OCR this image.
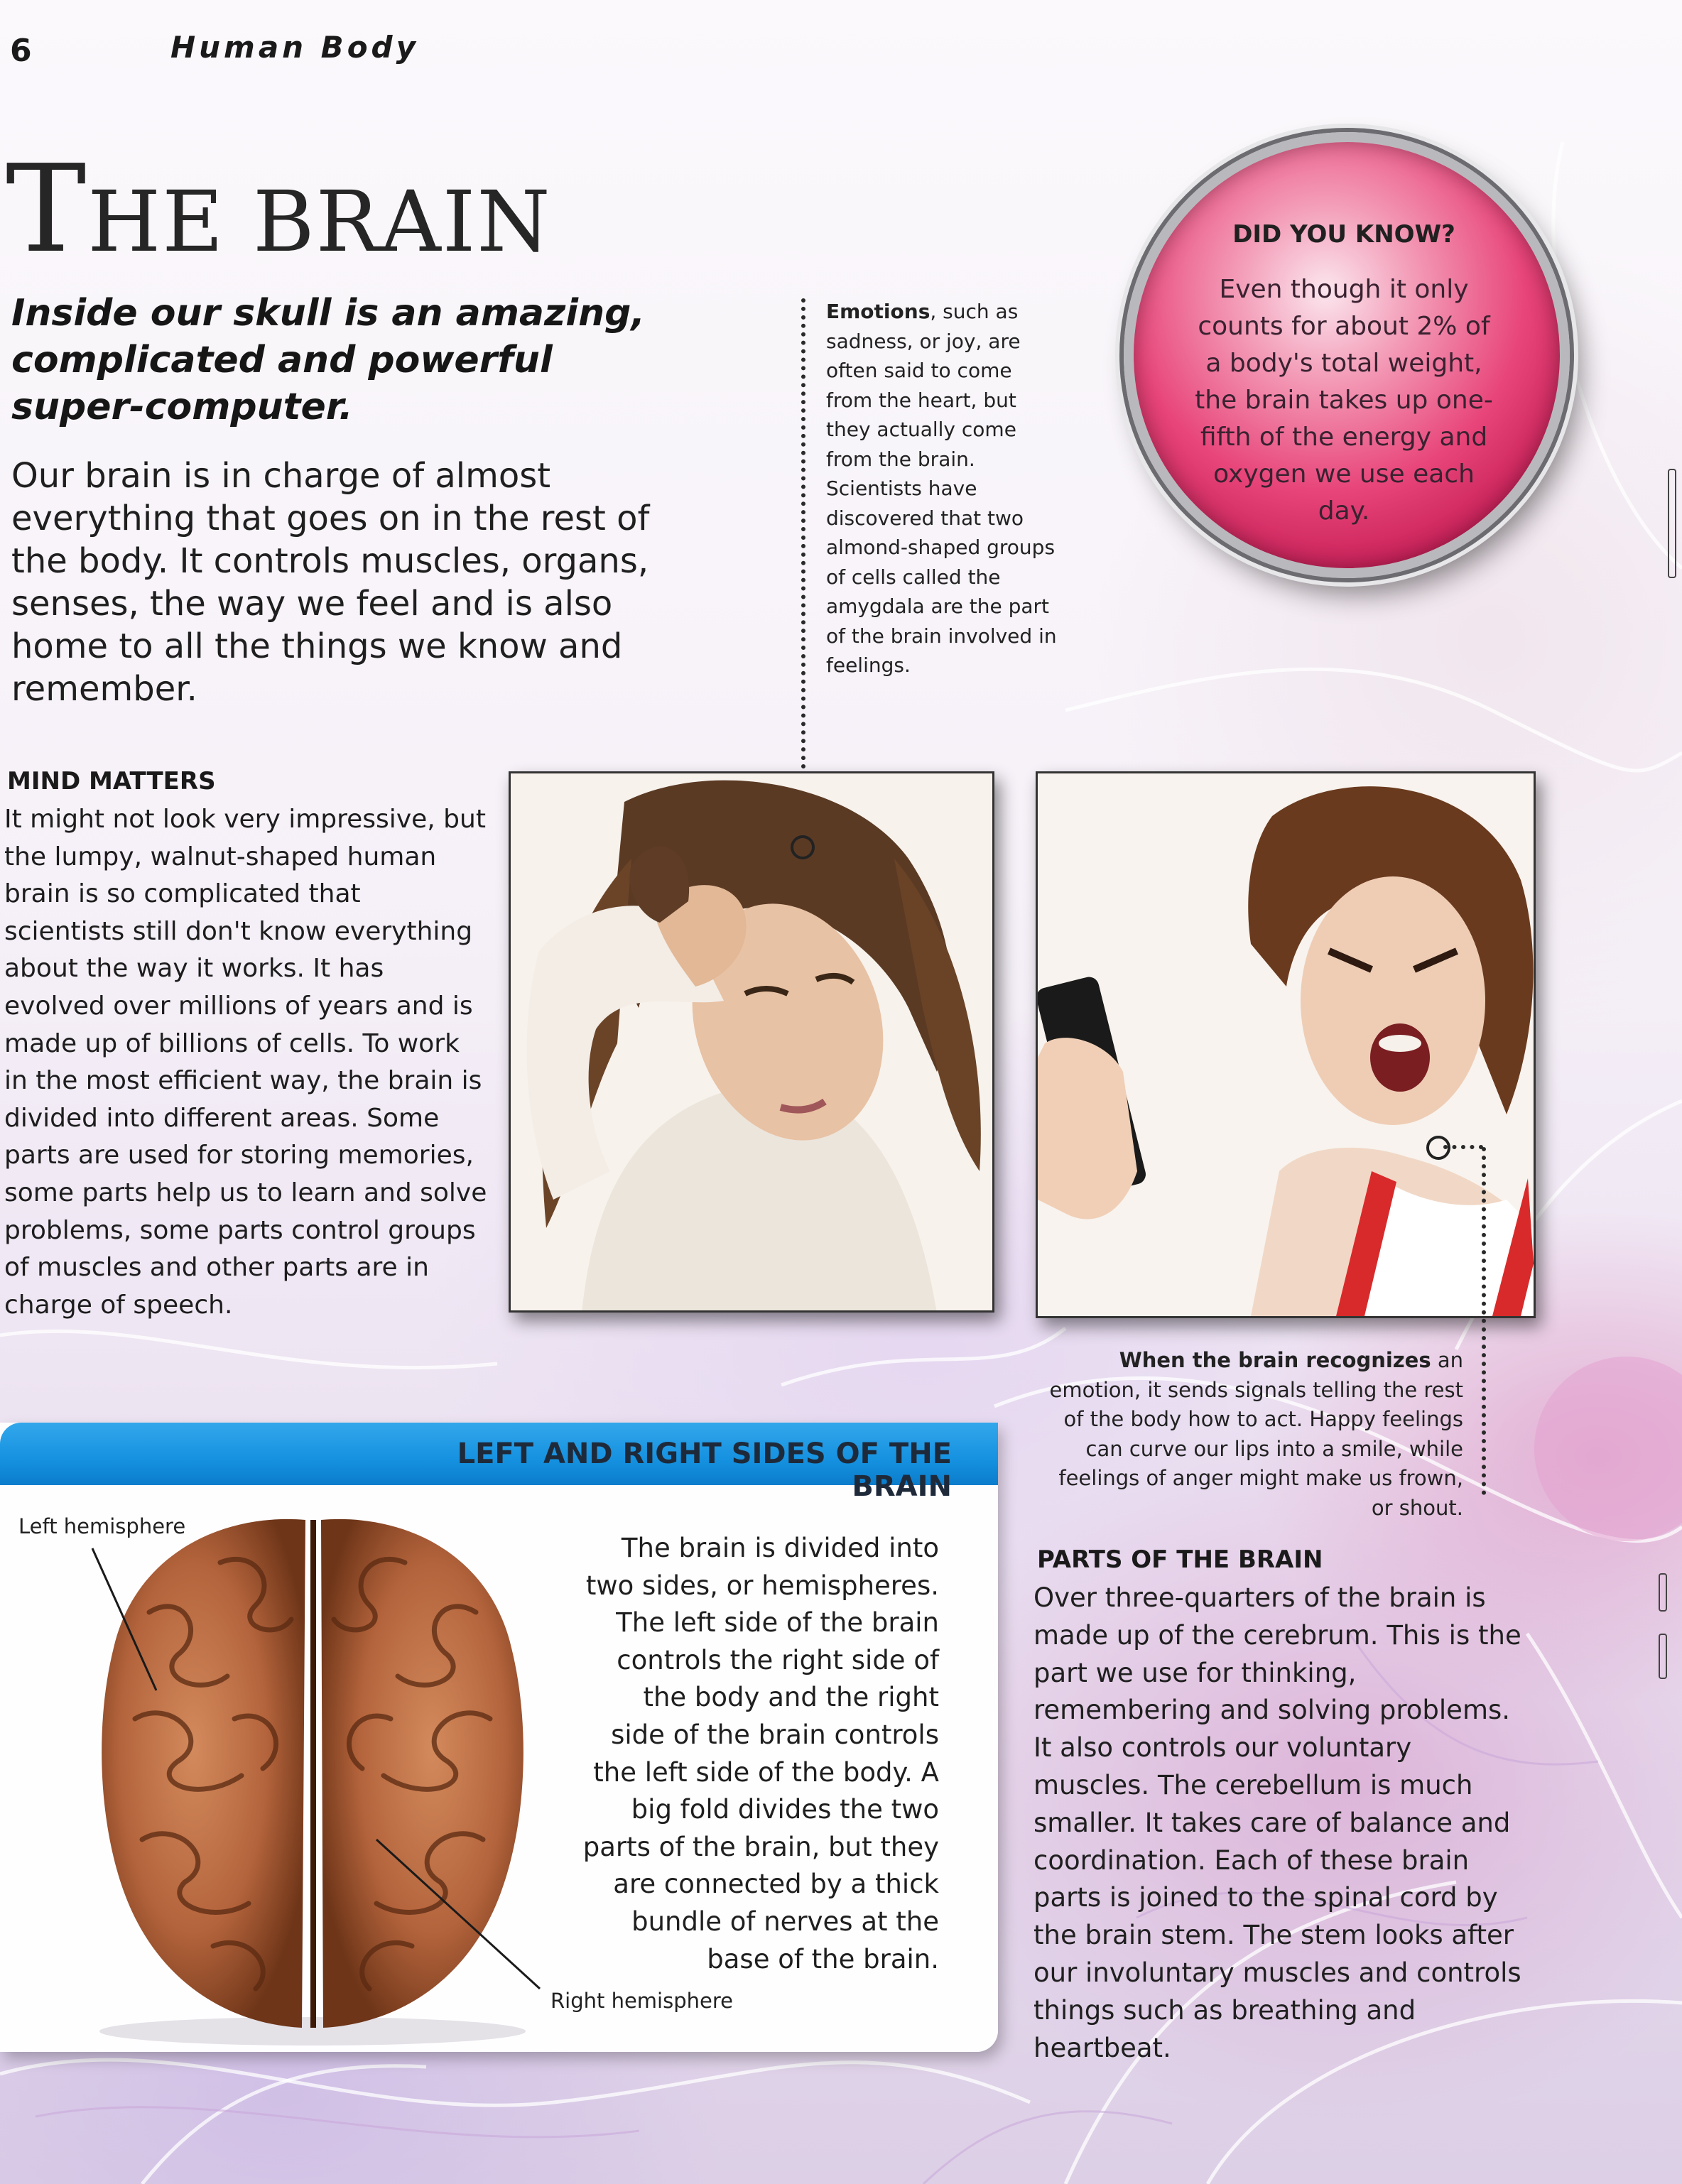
6	Human Body
THE BRAIN
Inside our skull is an amazing, complicated and powerful super-computer.
Our brain is in charge of almost everything that goes on in the rest of the body. It controls muscles, organs, senses, the way we feel and is also home to all the things we know and remember.
Emotions, such as sadness, or joy, are often said to come from the heart, but they actually come from the brain. Scientists have discovered that two almond-shaped groups of cells called the amygdala are the part of the brain involved in feelings.
DID YOU KNOW?
Even though it only counts for about 2% of a body's total weight, the brain takes up one-fifth of the energy and oxygen we use each day.
MIND MATTERS
It might not look very impressive, but the lumpy, walnut-shaped human brain is so complicated that scientists still don't know everything about the way it works. It has evolved over millions of years and is made up of billions of cells. To work in the most efficient way, the brain is divided into different areas. Some parts are used for storing memories, some parts help us to learn and solve problems, some parts control groups of muscles and other parts are in charge of speech.
When the brain recognizes an emotion, it sends signals telling the rest of the body how to act. Happy feelings can curve our lips into a smile, while feelings of anger might make us frown, or shout.
LEFT AND RIGHT SIDES OF THE BRAIN
Left hemisphere
Right hemisphere
The brain is divided into two sides, or hemispheres. The left side of the brain controls the right side of the body and the right side of the brain controls the left side of the body. A big fold divides the two parts of the brain, but they are connected by a thick bundle of nerves at the base of the brain.
PARTS OF THE BRAIN
Over three-quarters of the brain is made up of the cerebrum. This is the part we use for thinking, remembering and solving problems. It also controls our voluntary muscles. The cerebellum is much smaller. It takes care of balance and coordination. Each of these brain parts is joined to the spinal cord by the brain stem. The stem looks after our involuntary muscles and controls things such as breathing and heartbeat.
